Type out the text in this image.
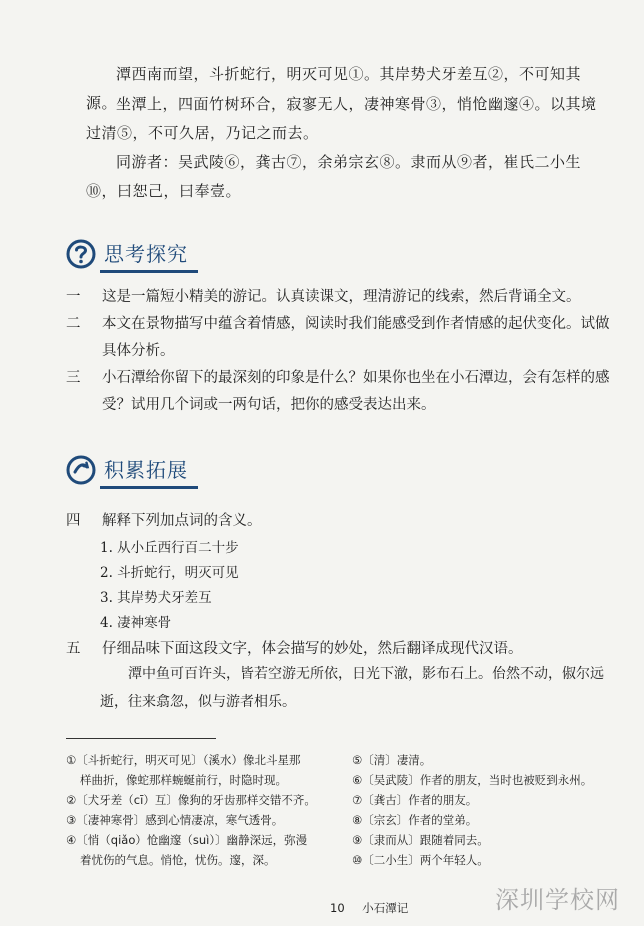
潭西南而望，斗折蛇行，明灭可见①。其岸势犬牙差互②，不可知其源。
坐潭上，四面竹树环合，寂寥无人，凄神寒骨③，悄怆幽邃④。以其境过清⑤，不可久居，乃记之而去。
同游者：吴武陵⑥，龚古⑦，余弟宗玄⑧。隶而从⑨者，崔氏二小生⑩，曰恕己，曰奉壹。
思考探究
一 这是一篇短小精美的游记。认真读课文，理清游记的线索，然后背诵全文。
二 本文在景物描写中蕴含着情感，阅读时我们能感受到作者情感的起伏变化。试做具体分析。
三 小石潭给你留下的最深刻的印象是什么？如果你也坐在小石潭边，会有怎样的感受？试用几个词或一两句话，把你的感受表达出来。
积累拓展
四 解释下列加点词的含义。
1. 从小丘西行百二十步
2. 斗折蛇行，明灭可见
3. 其岸势犬牙差互
4. 凄神寒骨
五 仔细品味下面这段文字，体会描写的妙处，然后翻译成现代汉语。
潭中鱼可百许头，皆若空游无所依，日光下澈，影布石上。佁然不动，俶尔远逝，往来翕忽，似与游者相乐。
①〔斗折蛇行，明灭可见〕（溪水）像北斗星那
样曲折，像蛇那样蜿蜒前行，时隐时现。
②〔犬牙差（cī）互〕像狗的牙齿那样交错不齐。
③〔凄神寒骨〕感到心情凄凉，寒气透骨。
④〔悄（qiǎo）怆幽邃（suì）〕幽静深远，弥漫
着忧伤的气息。悄怆，忧伤。邃，深。
⑤〔清〕凄清。
⑥〔吴武陵〕作者的朋友，当时也被贬到永州。
⑦〔龚古〕作者的朋友。
⑧〔宗玄〕作者的堂弟。
⑨〔隶而从〕跟随着同去。
⑩〔二小生〕两个年轻人。
10 小石潭记	深圳学校网
